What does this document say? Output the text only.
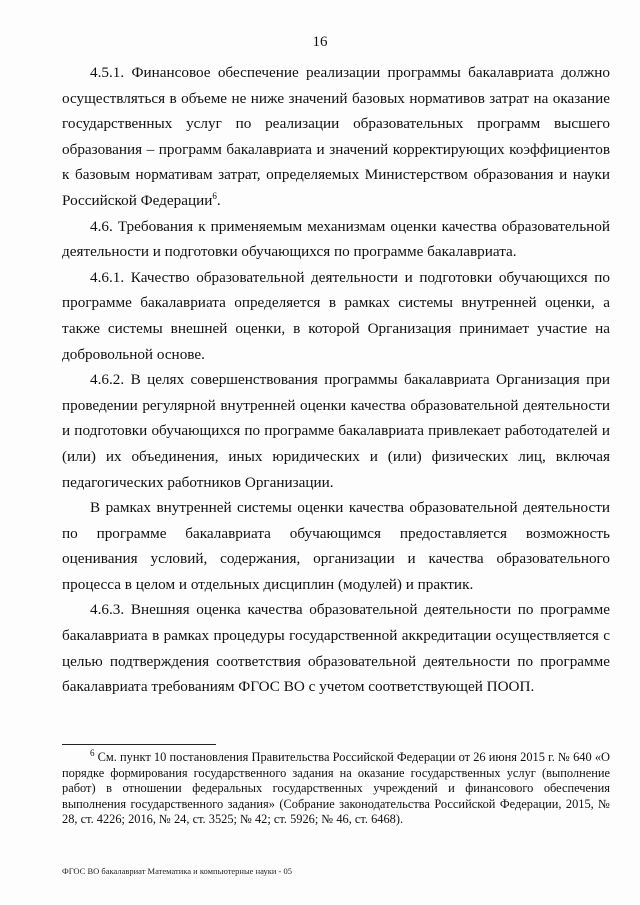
16

4.5.1. Финансовое обеспечение реализации программы бакалавриата должно осуществляться в объеме не ниже значений базовых нормативов затрат на оказание государственных услуг по реализации образовательных программ высшего образования – программ бакалавриата и значений корректирующих коэффициентов к базовым нормативам затрат, определяемых Министерством образования и науки Российской Федерации$^6$.

4.6. Требования к применяемым механизмам оценки качества образовательной деятельности и подготовки обучающихся по программе бакалавриата.

4.6.1. Качество образовательной деятельности и подготовки обучающихся по программе бакалавриата определяется в рамках системы внутренней оценки, а также системы внешней оценки, в которой Организация принимает участие на добровольной основе.

4.6.2. В целях совершенствования программы бакалавриата Организация при проведении регулярной внутренней оценки качества образовательной деятельности и подготовки обучающихся по программе бакалавриата привлекает работодателей и (или) их объединения, иных юридических и (или) физических лиц, включая педагогических работников Организации.

В рамках внутренней системы оценки качества образовательной деятельности по программе бакалавриата обучающимся предоставляется возможность оценивания условий, содержания, организации и качества образовательного процесса в целом и отдельных дисциплин (модулей) и практик.

4.6.3. Внешняя оценка качества образовательной деятельности по программе бакалавриата в рамках процедуры государственной аккредитации осуществляется с целью подтверждения соответствия образовательной деятельности по программе бакалавриата требованиям ФГОС ВО с учетом соответствующей ПООП.

$^6$ См. пункт 10 постановления Правительства Российской Федерации от 26 июня 2015 г. № 640 «О порядке формирования государственного задания на оказание государственных услуг (выполнение работ) в отношении федеральных государственных учреждений и финансового обеспечения выполнения государственного задания» (Собрание законодательства Российской Федерации, 2015, № 28, ст. 4226; 2016, № 24, ст. 3525; № 42; ст. 5926; № 46, ст. 6468).

ФГОС ВО бакалавриат Математика и компьютерные науки - 05
